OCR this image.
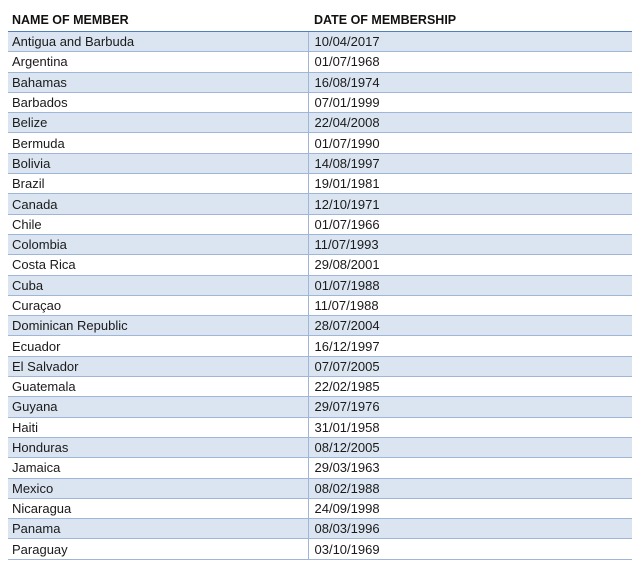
NAME OF MEMBER	DATE OF MEMBERSHIP
Antigua and Barbuda	10/04/2017
Argentina	01/07/1968
Bahamas	16/08/1974
Barbados	07/01/1999
Belize	22/04/2008
Bermuda	01/07/1990
Bolivia	14/08/1997
Brazil	19/01/1981
Canada	12/10/1971
Chile	01/07/1966
Colombia	11/07/1993
Costa Rica	29/08/2001
Cuba	01/07/1988
Curaçao	11/07/1988
Dominican Republic	28/07/2004
Ecuador	16/12/1997
El Salvador	07/07/2005
Guatemala	22/02/1985
Guyana	29/07/1976
Haiti	31/01/1958
Honduras	08/12/2005
Jamaica	29/03/1963
Mexico	08/02/1988
Nicaragua	24/09/1998
Panama	08/03/1996
Paraguay	03/10/1969
